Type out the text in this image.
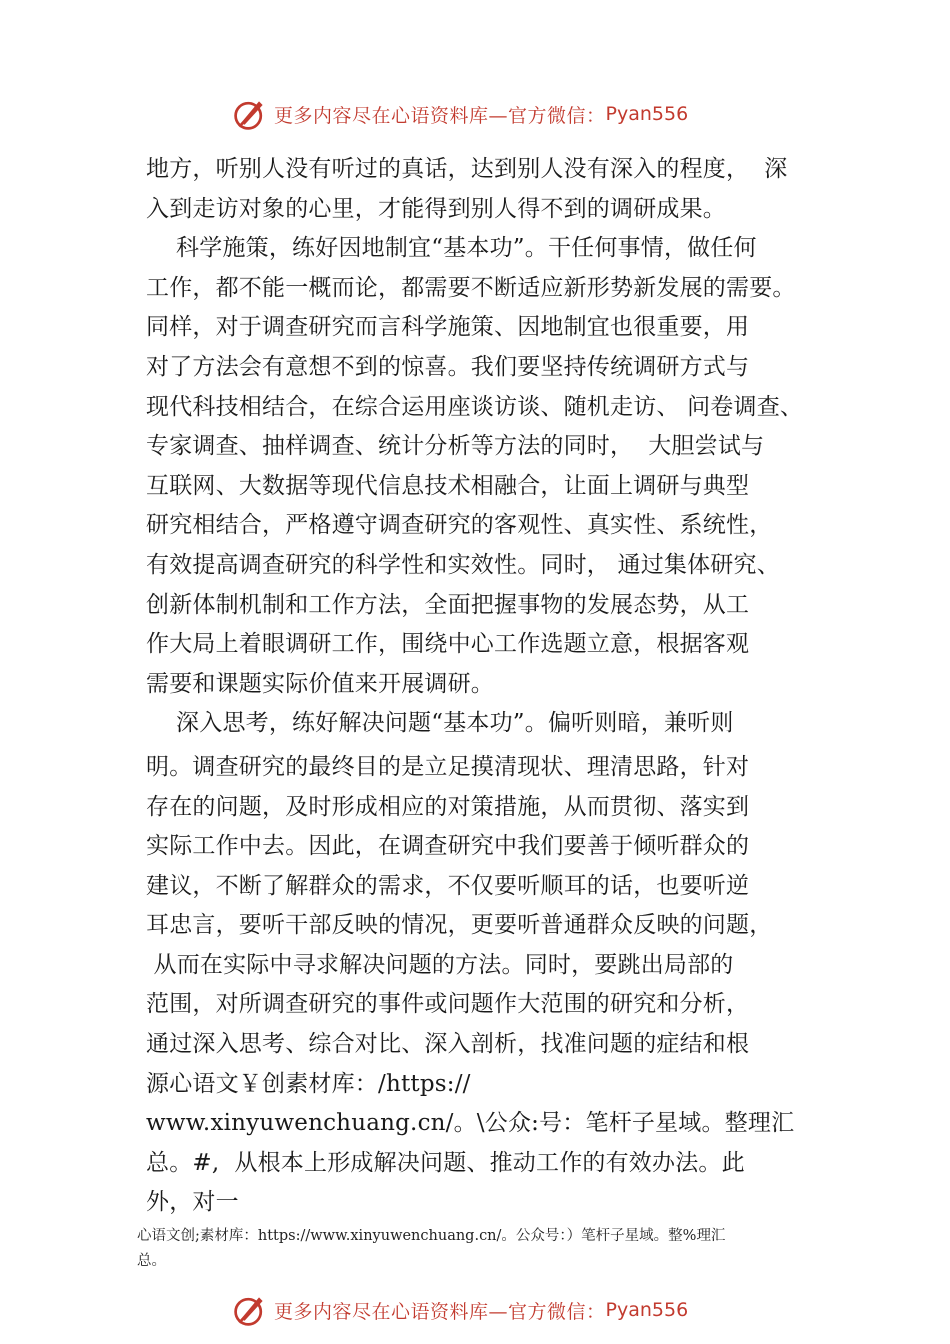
更多内容尽在心语资料库—官方微信： Pyan556
地方，听别人没有听过的真话，达到别人没有深入的程度，  深
入到走访对象的心里，才能得到别人得不到的调研成果。
科学施策，练好因地制宜“基本功”。干任何事情，做任何
工作，都不能一概而论，都需要不断适应新形势新发展的需要。
同样，对于调查研究而言科学施策、因地制宜也很重要，用
对了方法会有意想不到的惊喜。我们要坚持传统调研方式与
现代科技相结合，在综合运用座谈访谈、随机走访、 问卷调查、
专家调查、抽样调查、统计分析等方法的同时，  大胆尝试与
互联网、大数据等现代信息技术相融合，让面上调研与典型
研究相结合，严格遵守调查研究的客观性、真实性、系统性，
有效提高调查研究的科学性和实效性。同时， 通过集体研究、
创新体制机制和工作方法，全面把握事物的发展态势，从工
作大局上着眼调研工作，围绕中心工作选题立意，根据客观
需要和课题实际价值来开展调研。
深入思考，练好解决问题“基本功”。偏听则暗，兼听则
明。调查研究的最终目的是立足摸清现状、理清思路，针对
存在的问题，及时形成相应的对策措施，从而贯彻、落实到
实际工作中去。因此，在调查研究中我们要善于倾听群众的
建议，不断了解群众的需求，不仅要听顺耳的话，也要听逆
耳忠言，要听干部反映的情况，更要听普通群众反映的问题，
从而在实际中寻求解决问题的方法。同时，要跳出局部的
范围，对所调查研究的事件或问题作大范围的研究和分析，
通过深入思考、综合对比、深入剖析，找准问题的症结和根
源心语文￥创素材库：/https://
www.xinyuwenchuang.cn/。\公众:号：笔杆子星域。整理汇
总。#,  从根本上形成解决问题、推动工作的有效办法。此
外，对一
心语文创;素材库：https://www.xinyuwenchuang.cn/。公众号：）笔杆子星域。整%理汇
总。
更多内容尽在心语资料库—官方微信： Pyan556
